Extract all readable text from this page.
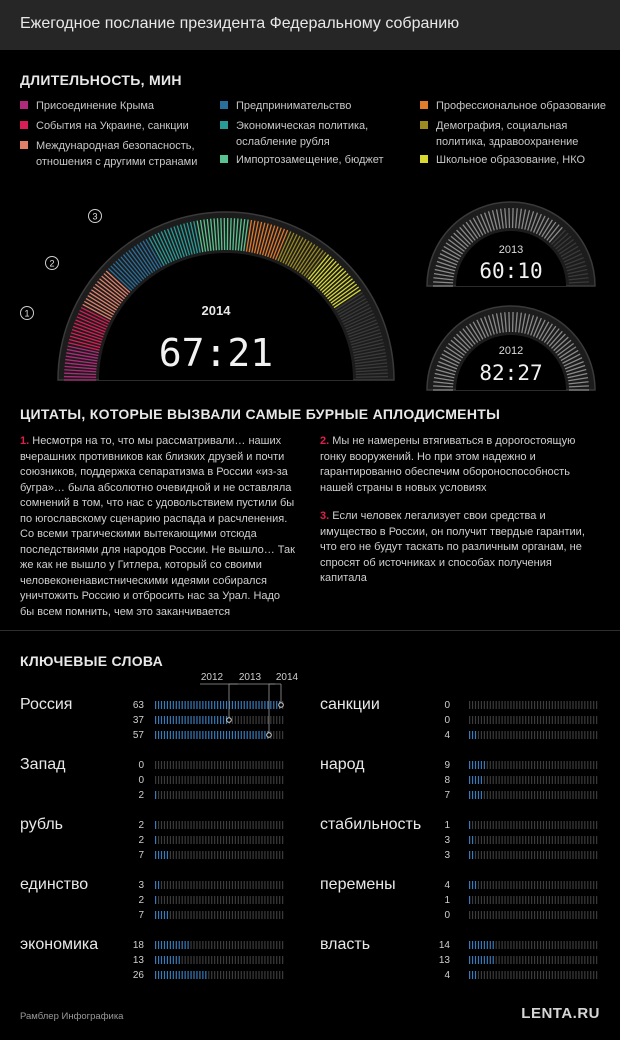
Ежегодное послание президента Федеральному собранию
ДЛИТЕЛЬНОСТЬ, МИН
Присоединение Крыма
События на Украине, санкции
Международная безопасность, отношения с другими странами
Предпринимательство
Экономическая политика, ослабление рубля
Импортозамещение, бюджет
Профессиональное образование
Демография, социальная политика, здравоохранение
Школьное образование, НКО
2014
67:21
2013
60:10
2012
82:27
1
2
3
ЦИТАТЫ, КОТОРЫЕ ВЫЗВАЛИ САМЫЕ БУРНЫЕ АПЛОДИСМЕНТЫ
1. Несмотря на то, что мы рассматривали… наших вчерашних противников как близких друзей и почти союзников, поддержка сепаратизма в России «из-за бугра»… была абсолютно очевидной и не оставляла сомнений в том, что нас с удовольствием пустили бы по югославскому сценарию распада и расчленения. Со всеми трагическими вытекающими отсюда последствиями для народов России. Не вышло… Так же как не вышло у Гитлера, который со своими человеконенавистническими идеями собирался уничтожить Россию и отбросить нас за Урал. Надо бы всем помнить, чем это заканчивается
2. Мы не намерены втягиваться в дорогостоящую гонку вооружений. Но при этом надежно и гарантированно обеспечим обороноспособность нашей страны в новых условиях
3. Если человек легализует свои средства и имущество в России, он получит твердые гарантии, что его не будут таскать по различным органам, не спросят об источниках и способах получения капитала
КЛЮЧЕВЫЕ СЛОВА
Россия	63
37
57
Запад	0
0
2
рубль	2
2
7
единство	3
2
7
экономика	18
13
26
санкции	0
0
4
народ	9
8
7
стабильность	1
3
3
перемены	4
1
0
власть	14
13
4
2012 2013 2014
Рамблер Инфографика	LENTA.RU
